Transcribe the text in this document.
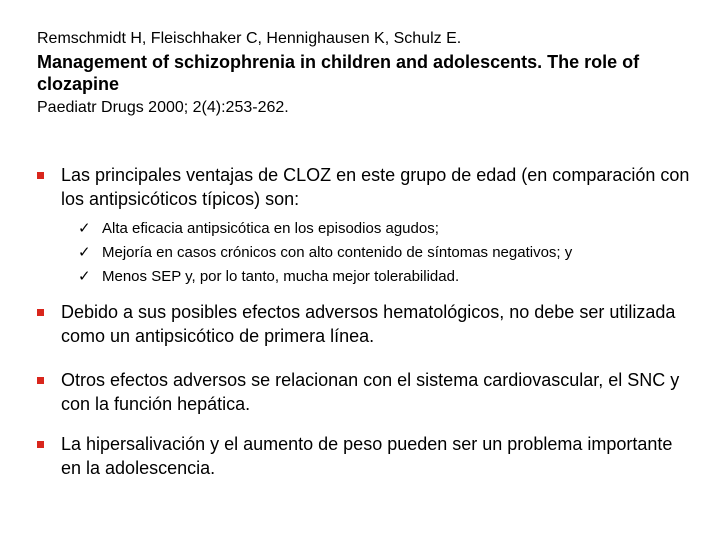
Remschmidt H, Fleischhaker C, Hennighausen K, Schulz E.
Management of schizophrenia in children and adolescents. The role of clozapine
Paediatr Drugs 2000; 2(4):253-262.
Las principales ventajas de CLOZ en este grupo de edad (en comparación con los antipsicóticos típicos) son:
✓ Alta eficacia antipsicótica en los episodios agudos;
✓ Mejoría en casos crónicos con alto contenido de síntomas negativos; y
✓ Menos SEP y, por lo tanto, mucha mejor tolerabilidad.
Debido a sus posibles efectos adversos hematológicos, no debe ser utilizada como un antipsicótico de primera línea.
Otros efectos adversos se relacionan con el sistema cardiovascular, el SNC y con la función hepática.
La hipersalivación y el aumento de peso pueden ser un problema importante en la adolescencia.
